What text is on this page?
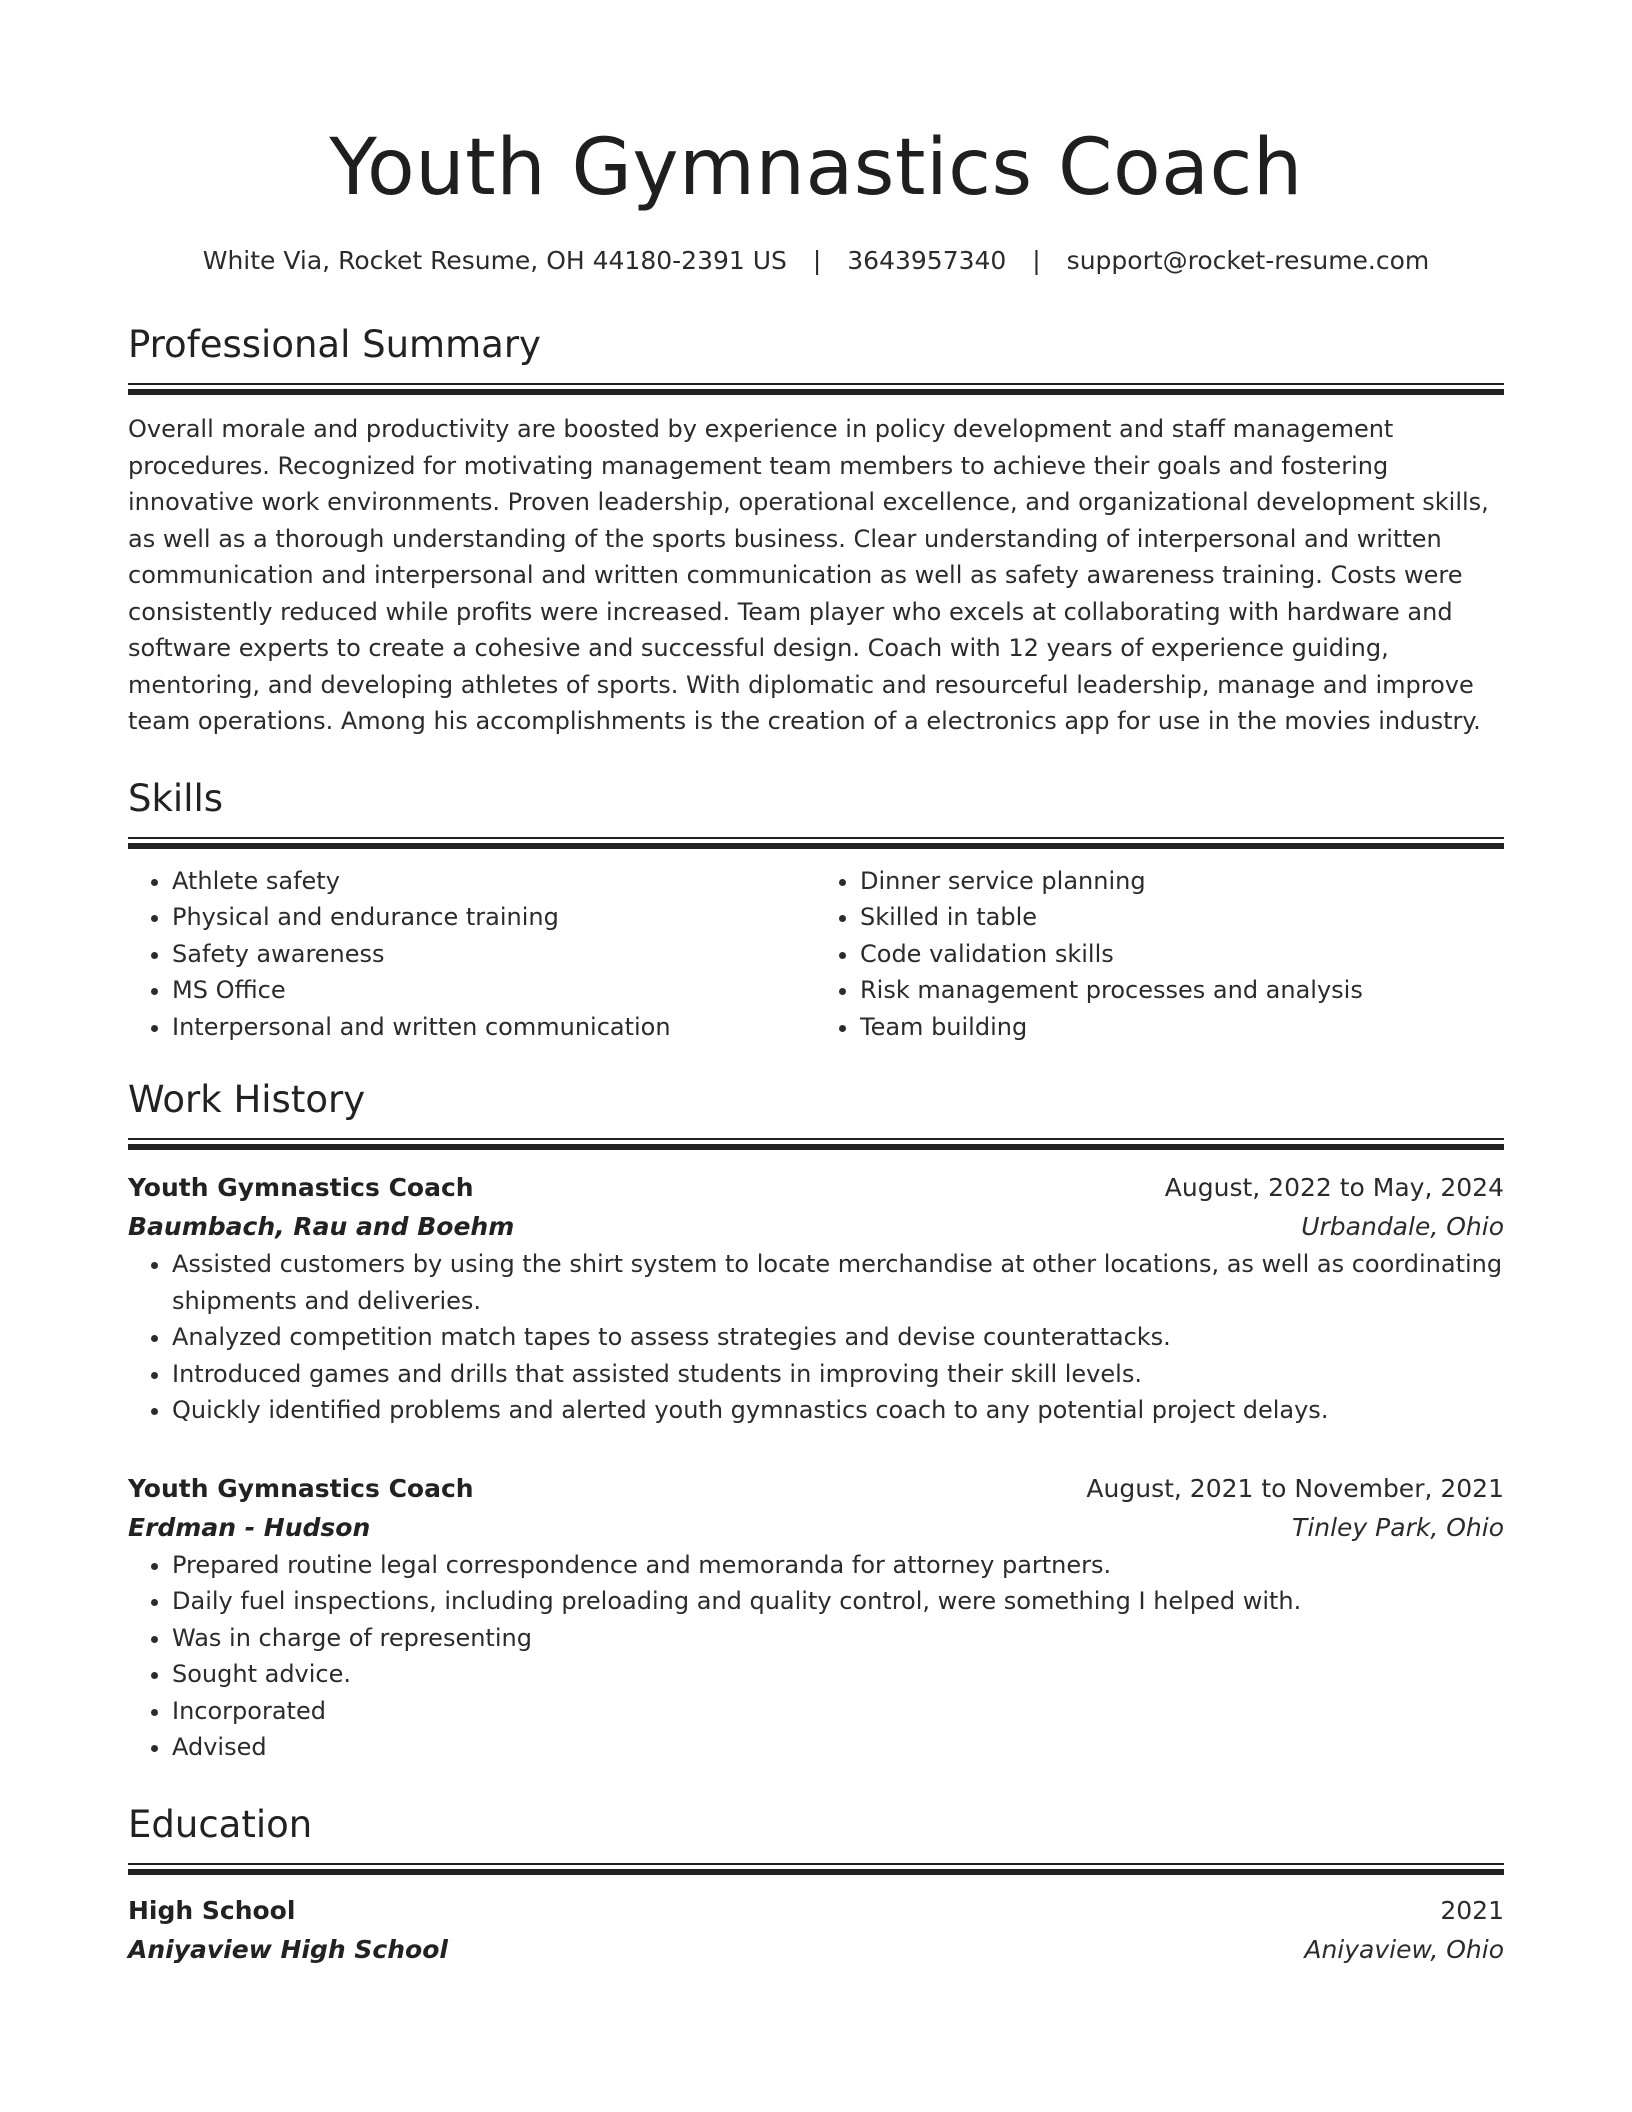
Youth Gymnastics Coach
White Via, Rocket Resume, OH 44180-2391 US | 3643957340 | support@rocket-resume.com
Professional Summary

Overall morale and productivity are boosted by experience in policy development and staff management procedures. Recognized for motivating management team members to achieve their goals and fostering innovative work environments. Proven leadership, operational excellence, and organizational development skills, as well as a thorough understanding of the sports business. Clear understanding of interpersonal and written communication and interpersonal and written communication as well as safety awareness training. Costs were consistently reduced while profits were increased. Team player who excels at collaborating with hardware and software experts to create a cohesive and successful design. Coach with 12 years of experience guiding, mentoring, and developing athletes of sports. With diplomatic and resourceful leadership, manage and improve team operations. Among his accomplishments is the creation of a electronics app for use in the movies industry.

Skills
• Athlete safety
• Physical and endurance training
• Safety awareness
• MS Office
• Interpersonal and written communication
• Dinner service planning
• Skilled in table
• Code validation skills
• Risk management processes and analysis
• Team building
Work History
Youth Gymnastics Coach	August, 2022 to May, 2024
Baumbach, Rau and Boehm	Urbandale, Ohio
• Assisted customers by using the shirt system to locate merchandise at other locations, as well as coordinating shipments and deliveries.
• Analyzed competition match tapes to assess strategies and devise counterattacks.
• Introduced games and drills that assisted students in improving their skill levels.
• Quickly identified problems and alerted youth gymnastics coach to any potential project delays.
Youth Gymnastics Coach	August, 2021 to November, 2021
Erdman - Hudson	Tinley Park, Ohio
• Prepared routine legal correspondence and memoranda for attorney partners.
• Daily fuel inspections, including preloading and quality control, were something I helped with.
• Was in charge of representing
• Sought advice.
• Incorporated
• Advised
Education
High School	2021
Aniyaview High School	Aniyaview, Ohio
